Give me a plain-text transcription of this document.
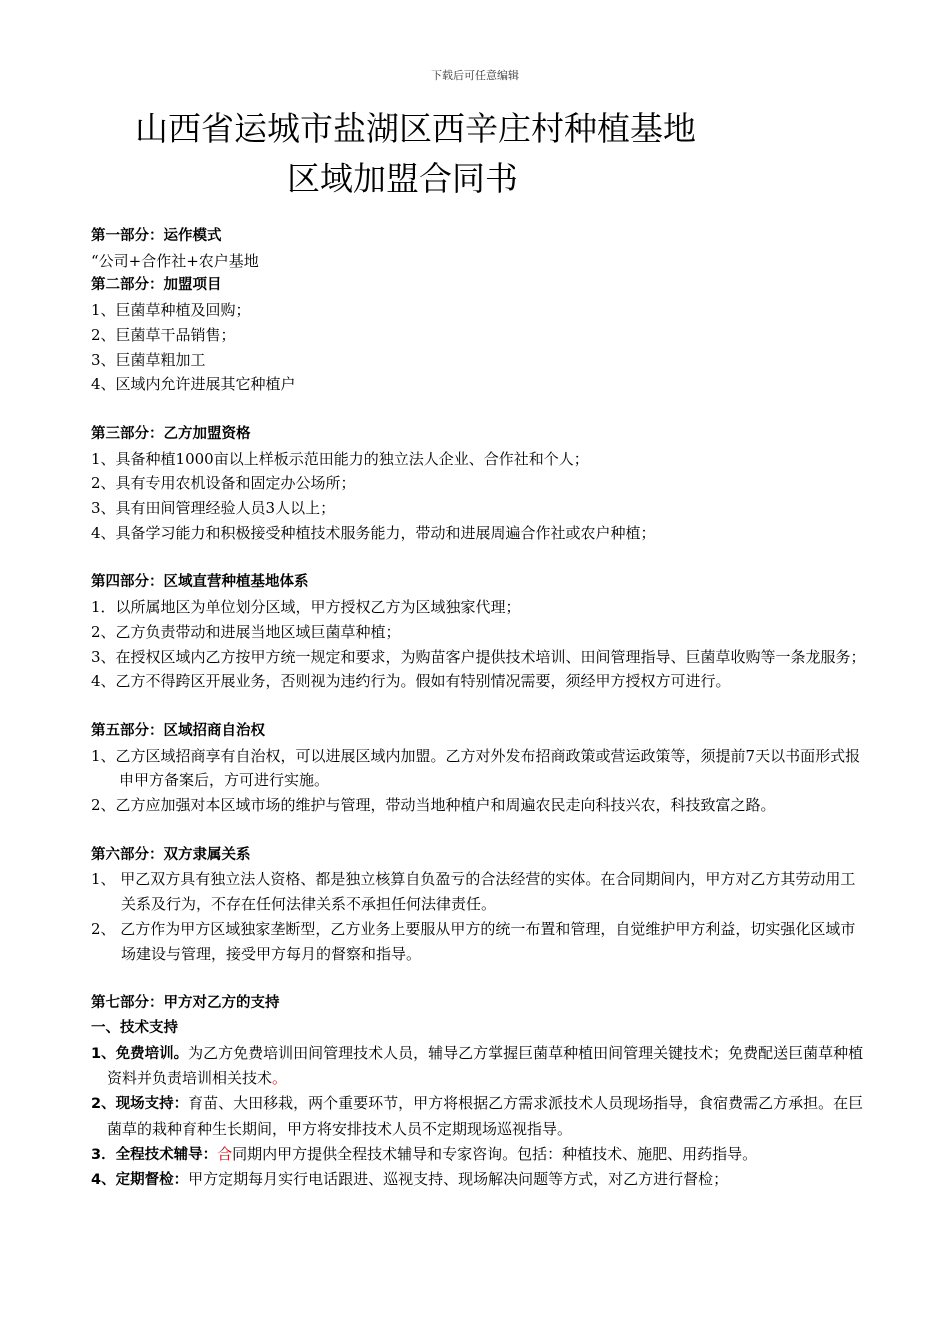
下载后可任意编辑
山西省运城市盐湖区西辛庄村种植基地
区域加盟合同书
第一部分：运作模式
“公司+合作社+农户基地
第二部分：加盟项目
1、巨菌草种植及回购；
2、巨菌草干品销售；
3、巨菌草粗加工
4、区域内允许进展其它种植户
第三部分：乙方加盟资格
1、具备种植1000亩以上样板示范田能力的独立法人企业、合作社和个人；
2、具有专用农机设备和固定办公场所；
3、具有田间管理经验人员3人以上；
4、具备学习能力和积极接受种植技术服务能力，带动和进展周遍合作社或农户种植；
第四部分：区域直营种植基地体系
1．以所属地区为单位划分区域，甲方授权乙方为区域独家代理；
2、乙方负责带动和进展当地区域巨菌草种植；
3、在授权区域内乙方按甲方统一规定和要求，为购苗客户提供技术培训、田间管理指导、巨菌草收购等一条龙服务；
4、乙方不得跨区开展业务，否则视为违约行为。假如有特别情况需要，须经甲方授权方可进行。
第五部分：区域招商自治权
1、乙方区域招商享有自治权，可以进展区域内加盟。乙方对外发布招商政策或营运政策等，须提前7天以书面形式报申甲方备案后，方可进行实施。
2、乙方应加强对本区域市场的维护与管理，带动当地种植户和周遍农民走向科技兴农，科技致富之路。
第六部分：双方隶属关系
1、 甲乙双方具有独立法人资格、都是独立核算自负盈亏的合法经营的实体。在合同期间内，甲方对乙方其劳动用工关系及行为，不存在任何法律关系不承担任何法律责任。
2、 乙方作为甲方区域独家垄断型，乙方业务上要服从甲方的统一布置和管理，自觉维护甲方利益，切实强化区域市场建设与管理，接受甲方每月的督察和指导。
第七部分：甲方对乙方的支持
一、技术支持
1、免费培训。为乙方免费培训田间管理技术人员，辅导乙方掌握巨菌草种植田间管理关键技术；免费配送巨菌草种植资料并负责培训相关技术。
2、现场支持：育苗、大田移栽，两个重要环节，甲方将根据乙方需求派技术人员现场指导，食宿费需乙方承担。在巨菌草的栽种育种生长期间，甲方将安排技术人员不定期现场巡视指导。
3．全程技术辅导：合同期内甲方提供全程技术辅导和专家咨询。包括：种植技术、施肥、用药指导。
4、定期督检：甲方定期每月实行电话跟进、巡视支持、现场解决问题等方式，对乙方进行督检；
